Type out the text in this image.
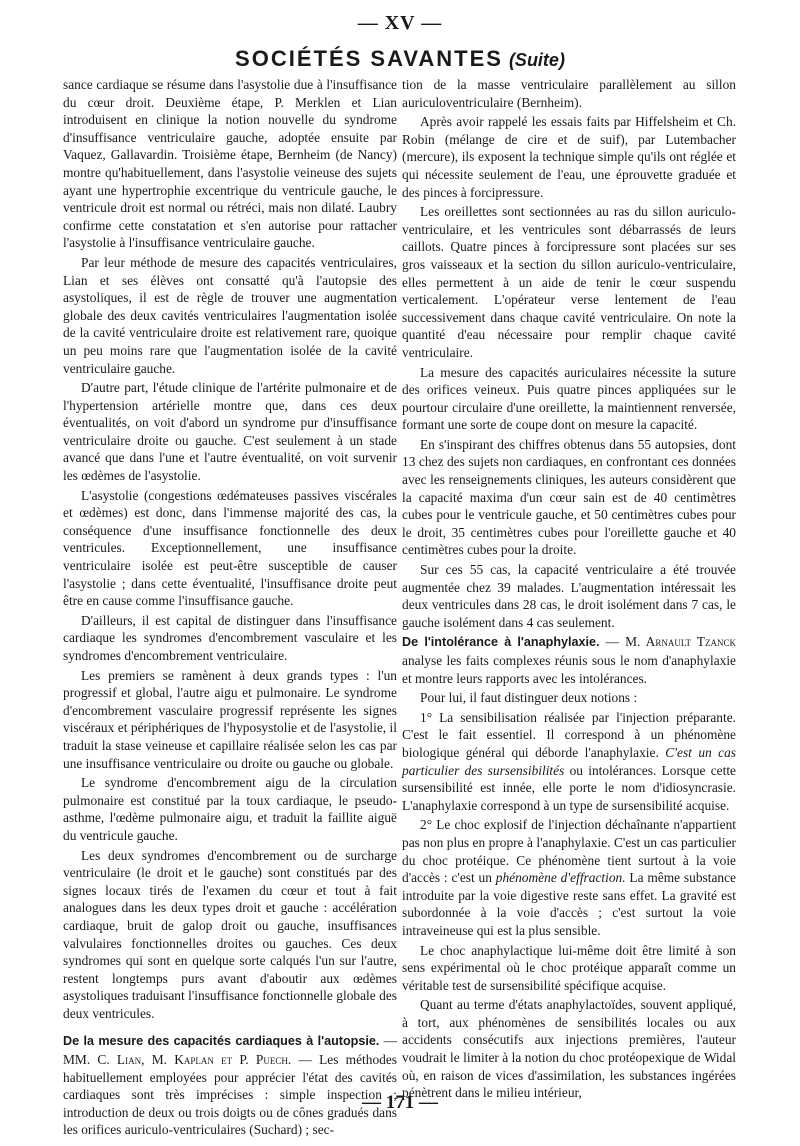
— XV —
SOCIÉTÉS SAVANTES (Suite)

sance cardiaque se résume dans l'asystolie due à l'insuffisance du cœur droit. Deuxième étape, P. Merklen et Lian introduisent en clinique la notion nouvelle du syndrome d'insuffisance ventriculaire gauche, adoptée ensuite par Vaquez, Gallavardin. Troisième étape, Bernheim (de Nancy) montre qu'habituellement, dans l'asystolie veineuse des sujets ayant une hypertrophie excentrique du ventricule gauche, le ventricule droit est normal ou rétréci, mais non dilaté. Laubry confirme cette constatation et s'en autorise pour rattacher l'asystolie à l'insuffisance ventriculaire gauche.

Par leur méthode de mesure des capacités ventriculaires, Lian et ses élèves ont consatté qu'à l'autopsie des asystoliques, il est de règle de trouver une augmentation globale des deux cavités ventriculaires l'augmentation isolée de la cavité ventriculaire droite est relativement rare, quoique un peu moins rare que l'augmentation isolée de la cavité ventriculaire gauche.

D'autre part, l'étude clinique de l'artérite pulmonaire et de l'hypertension artérielle montre que, dans ces deux éventualités, on voit d'abord un syndrome pur d'insuffisance ventriculaire droite ou gauche. C'est seulement à un stade avancé que dans l'une et l'autre éventualité, on voit survenir les œdèmes de l'asystolie.

L'asystolie (congestions œdémateuses passives viscérales et œdèmes) est donc, dans l'immense majorité des cas, la conséquence d'une insuffisance fonctionnelle des deux ventricules. Exceptionnellement, une insuffisance ventriculaire isolée est peut-être susceptible de causer l'asystolie ; dans cette éventualité, l'insuffisance droite peut être en cause comme l'insuffisance gauche.

D'ailleurs, il est capital de distinguer dans l'insuffisance cardiaque les syndromes d'encombrement vasculaire et les syndromes d'encombrement ventriculaire.

Les premiers se ramènent à deux grands types : l'un progressif et global, l'autre aigu et pulmonaire. Le syndrome d'encombrement vasculaire progressif représente les signes viscéraux et périphériques de l'hyposystolie et de l'asystolie, il traduit la stase veineuse et capillaire réalisée selon les cas par une insuffisance ventriculaire ou droite ou gauche ou globale.

Le syndrome d'encombrement aigu de la circulation pulmonaire est constitué par la toux cardiaque, le pseudo-asthme, l'œdème pulmonaire aigu, et traduit la faillite aiguë du ventricule gauche.

Les deux syndromes d'encombrement ou de surcharge ventriculaire (le droit et le gauche) sont constitués par des signes locaux tirés de l'examen du cœur et tout à fait analogues dans les deux types droit et gauche : accélération cardiaque, bruit de galop droit ou gauche, insuffisances valvulaires fonctionnelles droites ou gauches. Ces deux syndromes qui sont en quelque sorte calqués l'un sur l'autre, restent longtemps purs avant d'aboutir aux œdèmes asystoliques traduisant l'insuffisance fonctionnelle globale des deux ventricules.

De la mesure des capacités cardiaques à l'autopsie. — MM. C. Lian, M. Kaplan et P. Puech. — Les méthodes habituellement employées pour apprécier l'état des cavités cardiaques sont très imprécises : simple inspection ; introduction de deux ou trois doigts ou de cônes gradués dans les orifices auriculo-ventriculaires (Suchard) ; sec-

tion de la masse ventriculaire parallèlement au sillon auriculoventriculaire (Bernheim).

Après avoir rappelé les essais faits par Hiffelsheim et Ch. Robin (mélange de cire et de suif), par Lutembacher (mercure), ils exposent la technique simple qu'ils ont réglée et qui nécessite seulement de l'eau, une éprouvette graduée et des pinces à forcipressure.

Les oreillettes sont sectionnées au ras du sillon auriculo-ventriculaire, et les ventricules sont débarrassés de leurs caillots. Quatre pinces à forcipressure sont placées sur ses gros vaisseaux et la section du sillon auriculo-ventriculaire, elles permettent à un aide de tenir le cœur suspendu verticalement. L'opérateur verse lentement de l'eau successivement dans chaque cavité ventriculaire. On note la quantité d'eau nécessaire pour remplir chaque cavité ventriculaire.

La mesure des capacités auriculaires nécessite la suture des orifices veineux. Puis quatre pinces appliquées sur le pourtour circulaire d'une oreillette, la maintiennent renversée, formant une sorte de coupe dont on mesure la capacité.

En s'inspirant des chiffres obtenus dans 55 autopsies, dont 13 chez des sujets non cardiaques, en confrontant ces données avec les renseignements cliniques, les auteurs considèrent que la capacité maxima d'un cœur sain est de 40 centimètres cubes pour le ventricule gauche, et 50 centimètres cubes pour le droit, 35 centimètres cubes pour l'oreillette gauche et 40 centimètres cubes pour la droite.

Sur ces 55 cas, la capacité ventriculaire a été trouvée augmentée chez 39 malades. L'augmentation intéressait les deux ventricules dans 28 cas, le droit isolément dans 7 cas, le gauche isolément dans 4 cas seulement.

De l'intolérance à l'anaphylaxie. — M. Arnault Tzanck analyse les faits complexes réunis sous le nom d'anaphylaxie et montre leurs rapports avec les intolérances.

Pour lui, il faut distinguer deux notions :

1° La sensibilisation réalisée par l'injection préparante. C'est le fait essentiel. Il correspond à un phénomène biologique général qui déborde l'anaphylaxie. C'est un cas particulier des sursensibilités ou intolérances. Lorsque cette sursensibilité est innée, elle porte le nom d'idiosyncrasie. L'anaphylaxie correspond à un type de sursensibilité acquise.

2° Le choc explosif de l'injection déchaînante n'appartient pas non plus en propre à l'anaphylaxie. C'est un cas particulier du choc protéique. Ce phénomène tient surtout à la voie d'accès : c'est un phénomène d'effraction. La même substance introduite par la voie digestive reste sans effet. La gravité est subordonnée à la voie d'accès ; c'est surtout la voie intraveineuse qui est la plus sensible.

Le choc anaphylactique lui-même doit être limité à son sens expérimental où le choc protéique apparaît comme un véritable test de sursensibilité spécifique acquise.

Quant au terme d'états anaphylactoïdes, souvent appliqué, à tort, aux phénomènes de sensibilités locales ou aux accidents consécutifs aux injections premières, l'auteur voudrait le limiter à la notion du choc protéopexique de Widal où, en raison de vices d'assimilation, les substances ingérées pénètrent dans le milieu intérieur,

— 171 —
